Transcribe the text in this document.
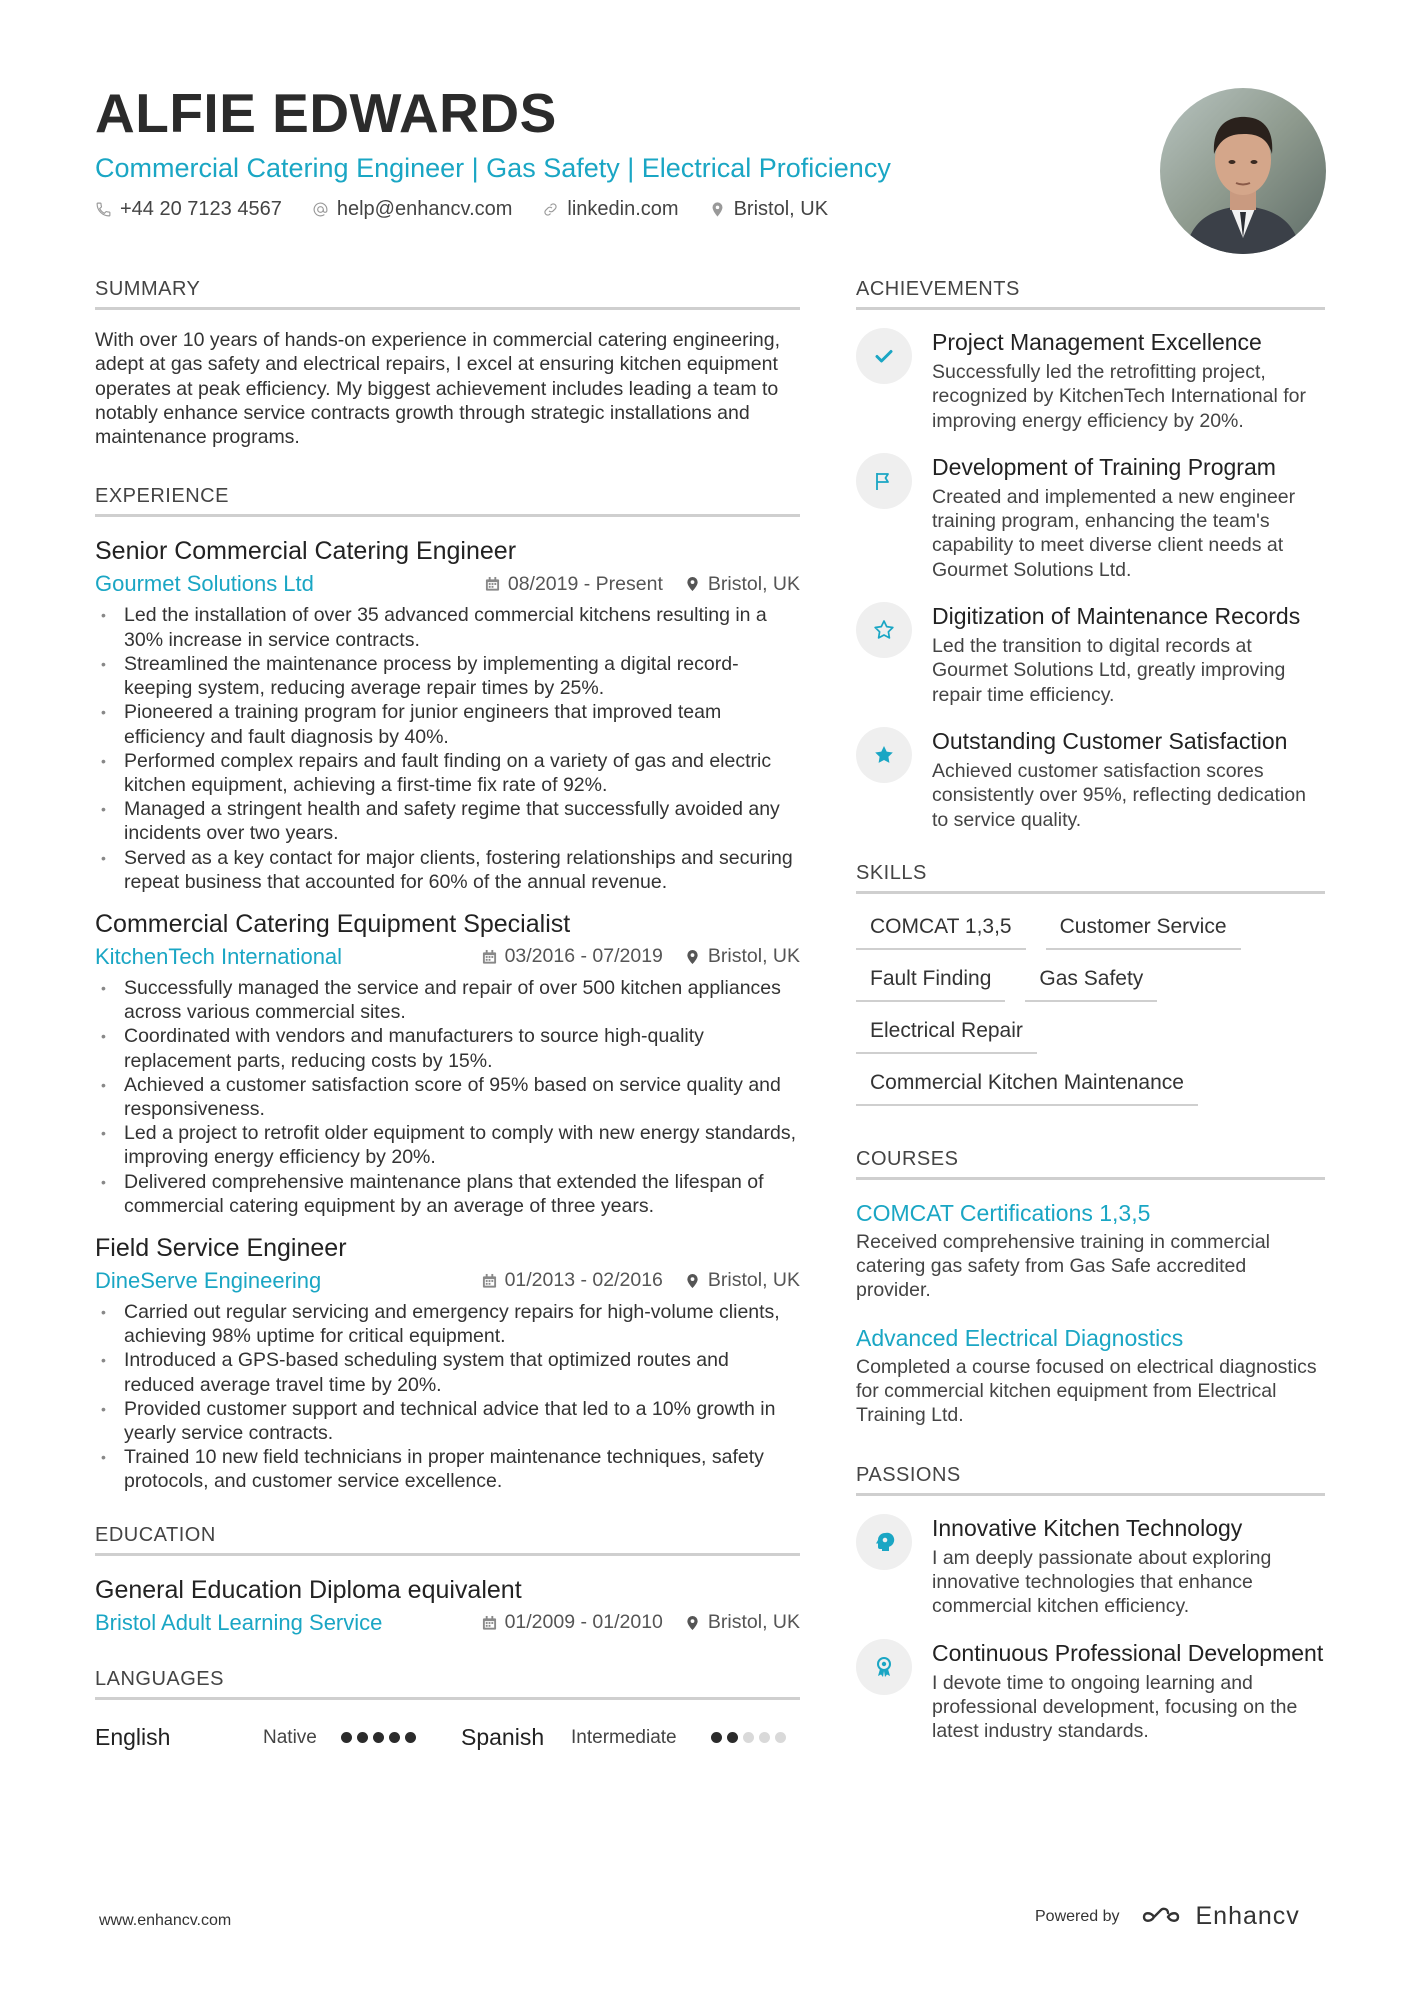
ALFIE EDWARDS
Commercial Catering Engineer | Gas Safety | Electrical Proficiency
+44 20 7123 4567	help@enhancv.com	linkedin.com	Bristol, UK
SUMMARY
With over 10 years of hands-on experience in commercial catering engineering, adept at gas safety and electrical repairs, I excel at ensuring kitchen equipment operates at peak efficiency. My biggest achievement includes leading a team to notably enhance service contracts growth through strategic installations and maintenance programs.
EXPERIENCE
Senior Commercial Catering Engineer
Gourmet Solutions Ltd	08/2019 - Present Bristol, UK
• Led the installation of over 35 advanced commercial kitchens resulting in a 30% increase in service contracts.
• Streamlined the maintenance process by implementing a digital record-keeping system, reducing average repair times by 25%.
• Pioneered a training program for junior engineers that improved team efficiency and fault diagnosis by 40%.
• Performed complex repairs and fault finding on a variety of gas and electric kitchen equipment, achieving a first-time fix rate of 92%.
• Managed a stringent health and safety regime that successfully avoided any incidents over two years.
• Served as a key contact for major clients, fostering relationships and securing repeat business that accounted for 60% of the annual revenue.
Commercial Catering Equipment Specialist
KitchenTech International	03/2016 - 07/2019 Bristol, UK
• Successfully managed the service and repair of over 500 kitchen appliances across various commercial sites.
• Coordinated with vendors and manufacturers to source high-quality replacement parts, reducing costs by 15%.
• Achieved a customer satisfaction score of 95% based on service quality and responsiveness.
• Led a project to retrofit older equipment to comply with new energy standards, improving energy efficiency by 20%.
• Delivered comprehensive maintenance plans that extended the lifespan of commercial catering equipment by an average of three years.
Field Service Engineer
DineServe Engineering	01/2013 - 02/2016 Bristol, UK
• Carried out regular servicing and emergency repairs for high-volume clients, achieving 98% uptime for critical equipment.
• Introduced a GPS-based scheduling system that optimized routes and reduced average travel time by 20%.
• Provided customer support and technical advice that led to a 10% growth in yearly service contracts.
• Trained 10 new field technicians in proper maintenance techniques, safety protocols, and customer service excellence.
EDUCATION
General Education Diploma equivalent
Bristol Adult Learning Service	01/2009 - 01/2010 Bristol, UK
LANGUAGES
English	Native	Spanish	Intermediate
ACHIEVEMENTS
Project Management Excellence
Successfully led the retrofitting project, recognized by KitchenTech International for improving energy efficiency by 20%.
Development of Training Program
Created and implemented a new engineer training program, enhancing the team's capability to meet diverse client needs at Gourmet Solutions Ltd.
Digitization of Maintenance Records
Led the transition to digital records at Gourmet Solutions Ltd, greatly improving repair time efficiency.
Outstanding Customer Satisfaction
Achieved customer satisfaction scores consistently over 95%, reflecting dedication to service quality.
SKILLS
COMCAT 1,3,5	Customer Service
Fault Finding	Gas Safety
Electrical Repair
Commercial Kitchen Maintenance
COURSES
COMCAT Certifications 1,3,5
Received comprehensive training in commercial catering gas safety from Gas Safe accredited provider.
Advanced Electrical Diagnostics
Completed a course focused on electrical diagnostics for commercial kitchen equipment from Electrical Training Ltd.
PASSIONS
Innovative Kitchen Technology
I am deeply passionate about exploring innovative technologies that enhance commercial kitchen efficiency.
Continuous Professional Development
I devote time to ongoing learning and professional development, focusing on the latest industry standards.
www.enhancv.com	Powered by	Enhancv
